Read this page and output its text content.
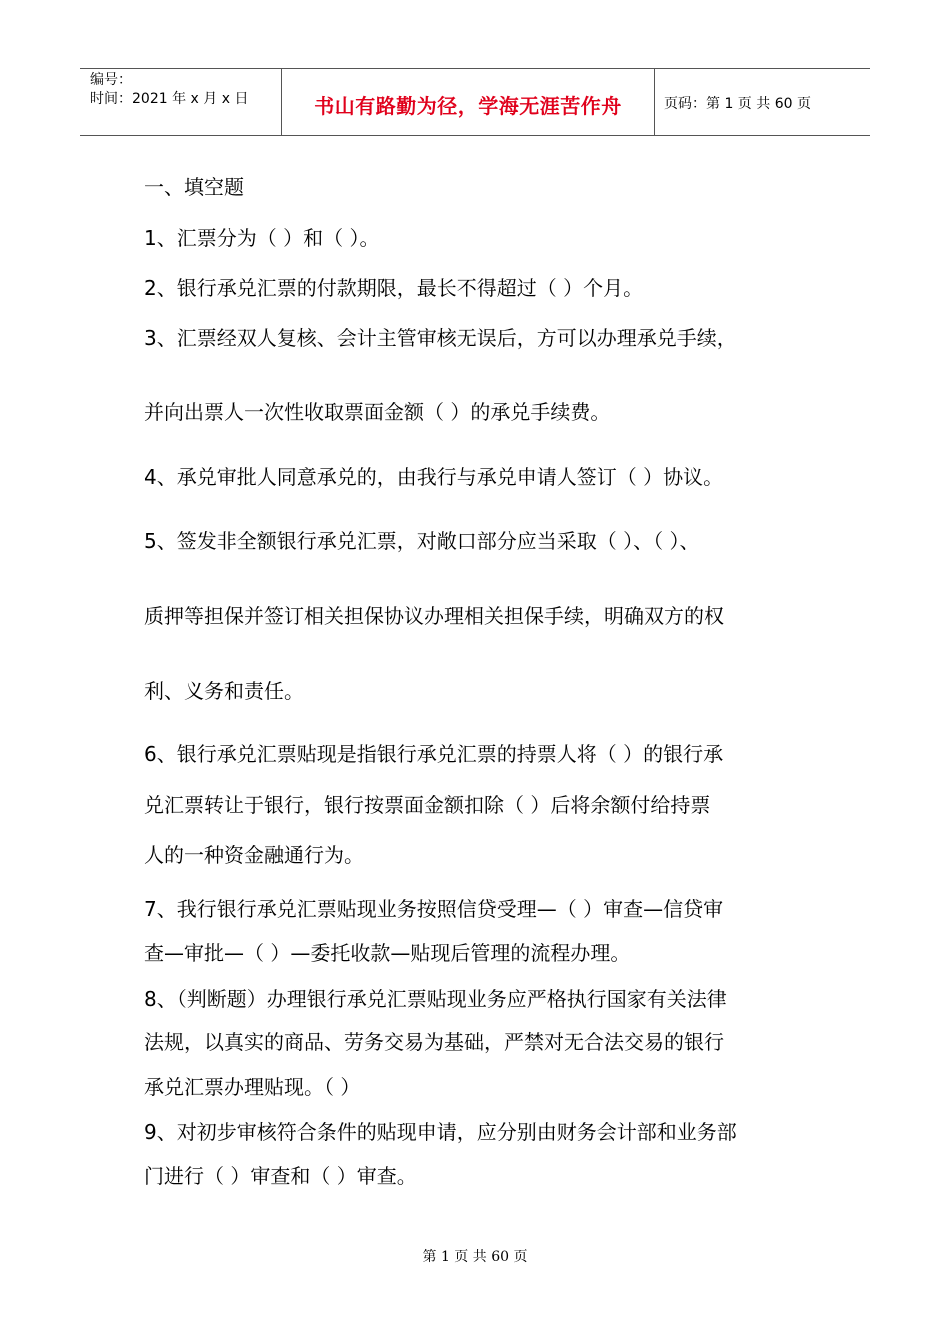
编号：
时间：2021 年 x 月 x 日	书山有路勤为径，学海无涯苦作舟	页码：第 1 页 共 60 页
一、填空题
1、汇票分为（ ）和（ ）。
2、银行承兑汇票的付款期限，最长不得超过（ ）个月。
3、汇票经双人复核、会计主管审核无误后，方可以办理承兑手续，
并向出票人一次性收取票面金额（ ）的承兑手续费。
4、承兑审批人同意承兑的，由我行与承兑申请人签订（ ）协议。
5、签发非全额银行承兑汇票，对敞口部分应当采取（ ）、（ ）、
质押等担保并签订相关担保协议办理相关担保手续，明确双方的权
利、义务和责任。
6、银行承兑汇票贴现是指银行承兑汇票的持票人将（ ）的银行承
兑汇票转让于银行，银行按票面金额扣除（ ）后将余额付给持票
人的一种资金融通行为。
7、我行银行承兑汇票贴现业务按照信贷受理—（ ）审查—信贷审
查—审批—（ ）—委托收款—贴现后管理的流程办理。
8、（判断题）办理银行承兑汇票贴现业务应严格执行国家有关法律
法规，以真实的商品、劳务交易为基础，严禁对无合法交易的银行
承兑汇票办理贴现。（ ）
9、对初步审核符合条件的贴现申请，应分别由财务会计部和业务部
门进行（ ）审查和（ ）审查。
第 1 页 共 60 页
